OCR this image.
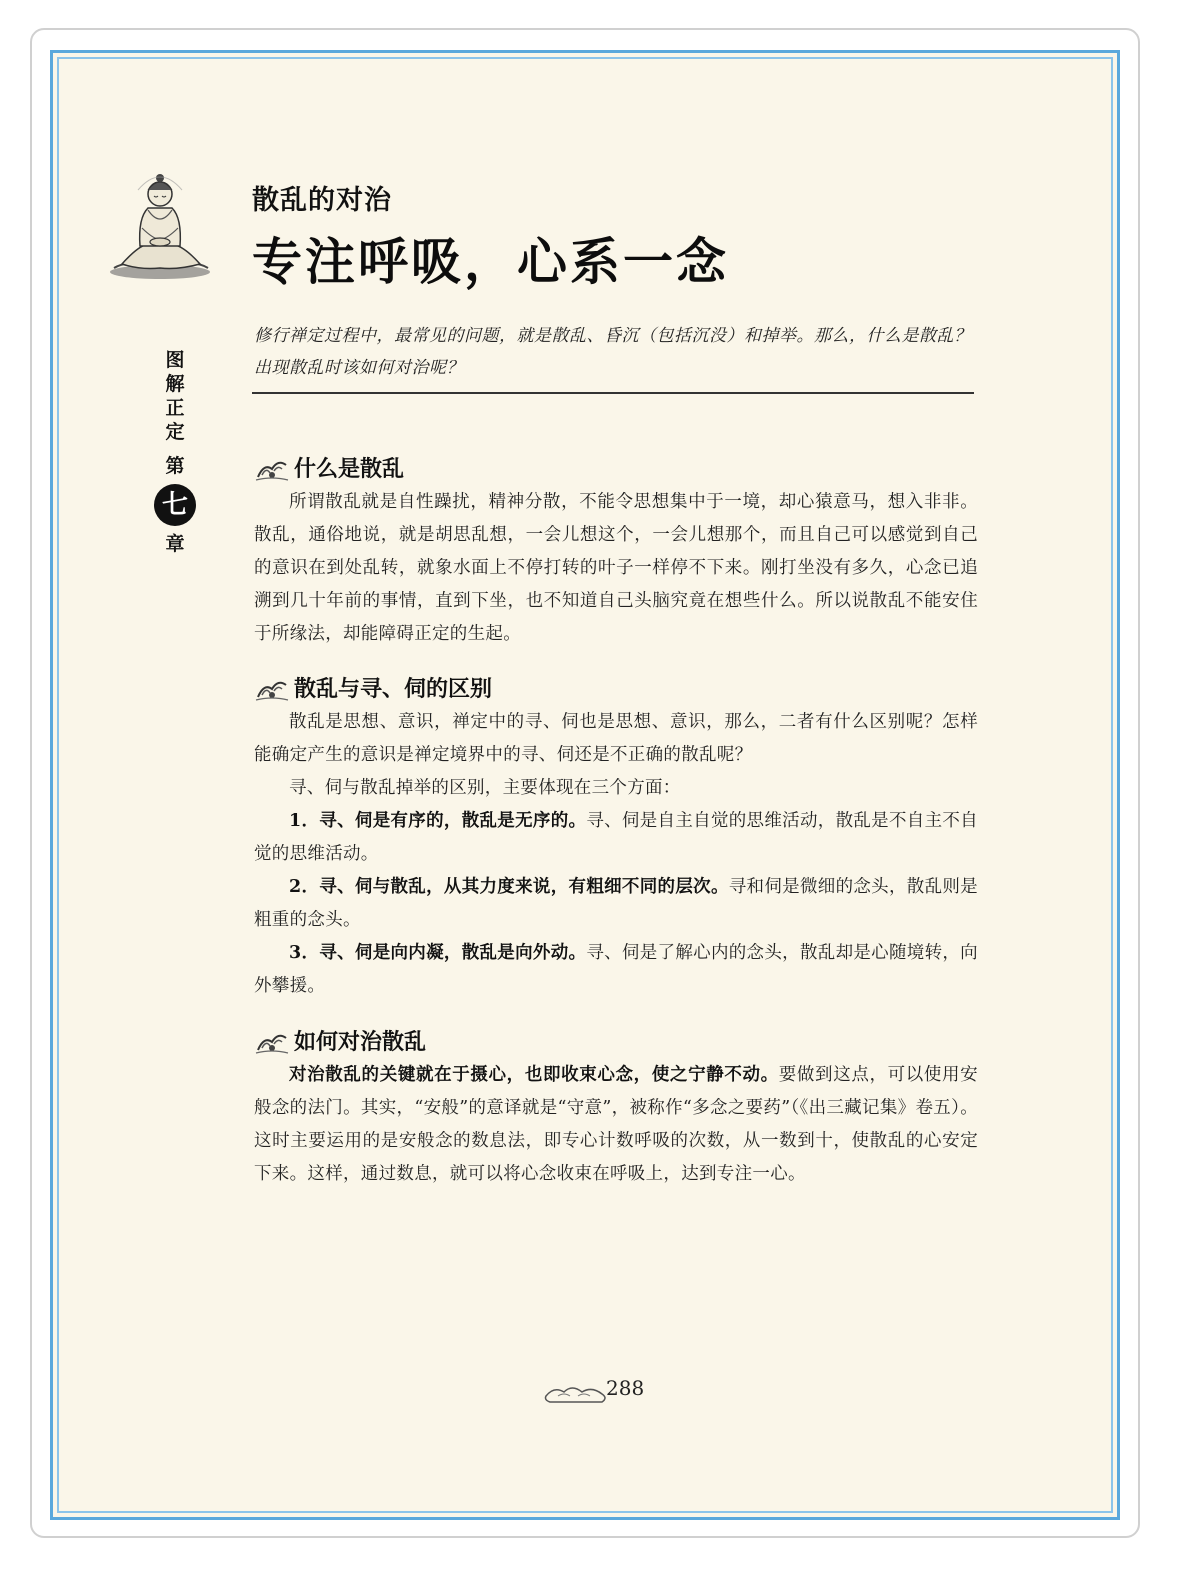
图
解
正
定
第
七
章
散乱的对治
专注呼吸，心系一念
修行禅定过程中，最常见的问题，就是散乱、昏沉（包括沉没）和掉举。那么，什么是散乱？出现散乱时该如何对治呢？
什么是散乱

所谓散乱就是自性躁扰，精神分散，不能令思想集中于一境，却心猿意马，想入非非。散乱，通俗地说，就是胡思乱想，一会儿想这个，一会儿想那个，而且自己可以感觉到自己的意识在到处乱转，就象水面上不停打转的叶子一样停不下来。刚打坐没有多久，心念已追溯到几十年前的事情，直到下坐，也不知道自己头脑究竟在想些什么。所以说散乱不能安住于所缘法，却能障碍正定的生起。

散乱与寻、伺的区别

散乱是思想、意识，禅定中的寻、伺也是思想、意识，那么，二者有什么区别呢？怎样能确定产生的意识是禅定境界中的寻、伺还是不正确的散乱呢？

寻、伺与散乱掉举的区别，主要体现在三个方面：

1．寻、伺是有序的，散乱是无序的。寻、伺是自主自觉的思维活动，散乱是不自主不自觉的思维活动。

2．寻、伺与散乱，从其力度来说，有粗细不同的层次。寻和伺是微细的念头，散乱则是粗重的念头。

3．寻、伺是向内凝，散乱是向外动。寻、伺是了解心内的念头，散乱却是心随境转，向外攀援。

如何对治散乱

对治散乱的关键就在于摄心，也即收束心念，使之宁静不动。要做到这点，可以使用安般念的法门。其实，“安般”的意译就是“守意”，被称作“多念之要药”（《出三藏记集》卷五）。这时主要运用的是安般念的数息法，即专心计数呼吸的次数，从一数到十，使散乱的心安定下来。这样，通过数息，就可以将心念收束在呼吸上，达到专注一心。

288
